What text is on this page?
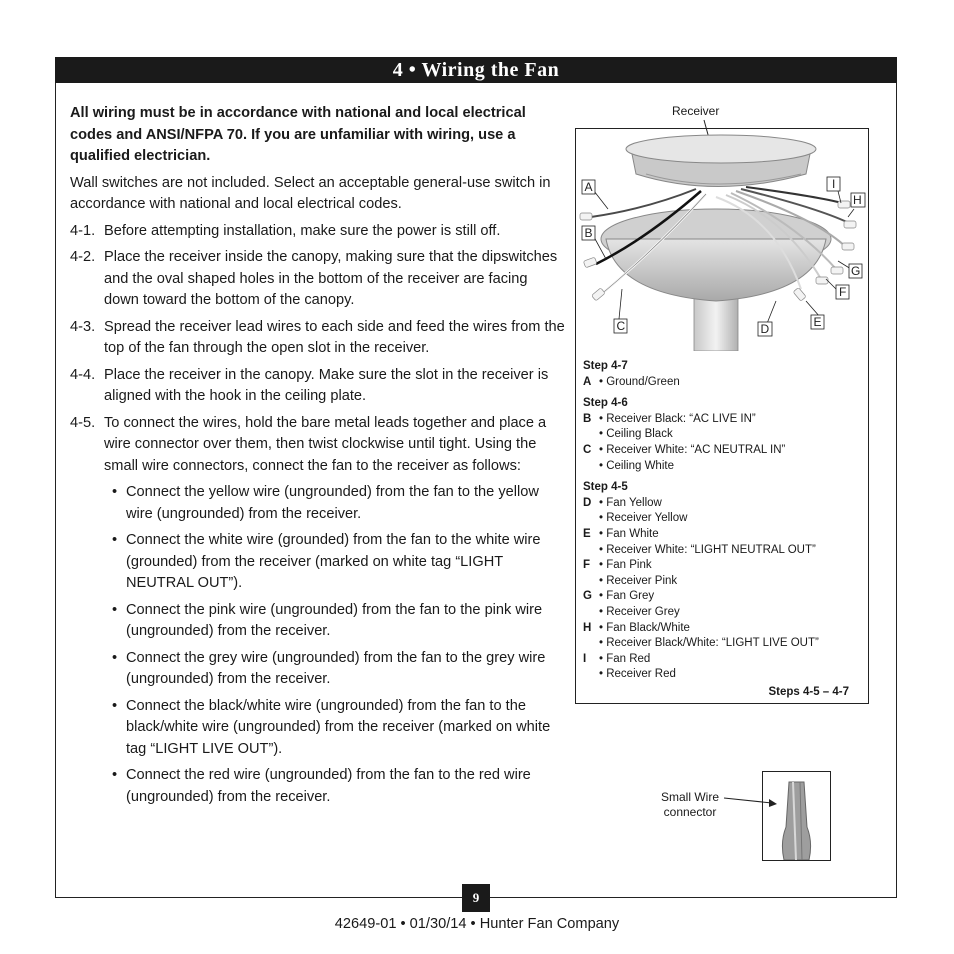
4 • Wiring the Fan

All wiring must be in accordance with national and local electrical codes and ANSI/NFPA 70. If you are unfamiliar with wiring, use a qualified electrician.

Wall switches are not included. Select an acceptable general-use switch in accordance with national and local electrical codes.

4-1. Before attempting installation, make sure the power is still off.
4-2. Place the receiver inside the canopy, making sure that the dipswitches and the oval shaped holes in the bottom of the receiver are facing down toward the bottom of the canopy.
4-3. Spread the receiver lead wires to each side and feed the wires from the top of the fan through the open slot in the receiver.
4-4. Place the receiver in the canopy. Make sure the slot in the receiver is aligned with the hook in the ceiling plate.
4-5. To connect the wires, hold the bare metal leads together and place a wire connector over them, then twist clockwise until tight. Using the small wire connectors, connect the fan to the receiver as follows:
• Connect the yellow wire (ungrounded) from the fan to the yellow wire (ungrounded) from the receiver.
• Connect the white wire (grounded) from the fan to the white wire (grounded) from the receiver (marked on white tag “LIGHT NEUTRAL OUT”).
• Connect the pink wire (ungrounded) from the fan to the pink wire (ungrounded) from the receiver.
• Connect the grey wire (ungrounded) from the fan to the grey wire (ungrounded) from the receiver.
• Connect the black/white wire (ungrounded) from the fan to the black/white wire (ungrounded) from the receiver (marked on white tag “LIGHT LIVE OUT”).
• Connect the red wire (ungrounded) from the fan to the red wire (ungrounded) from the receiver.
Receiver
A
B
C	D	E
F
G
H
I
Step 4-7
A • Ground/Green
Step 4-6
B • Receiver Black: “AC LIVE IN”
• Ceiling Black
C • Receiver White: “AC NEUTRAL IN”
• Ceiling White
Step 4-5
D • Fan Yellow
• Receiver Yellow
E • Fan White
• Receiver White: “LIGHT NEUTRAL OUT”
F • Fan Pink
• Receiver Pink
G • Fan Grey
• Receiver Grey
H • Fan Black/White
• Receiver Black/White: “LIGHT LIVE OUT”
I	• Fan Red
• Receiver Red
Steps 4-5 – 4-7
Small Wire connector
9
42649-01 • 01/30/14 • Hunter Fan Company
